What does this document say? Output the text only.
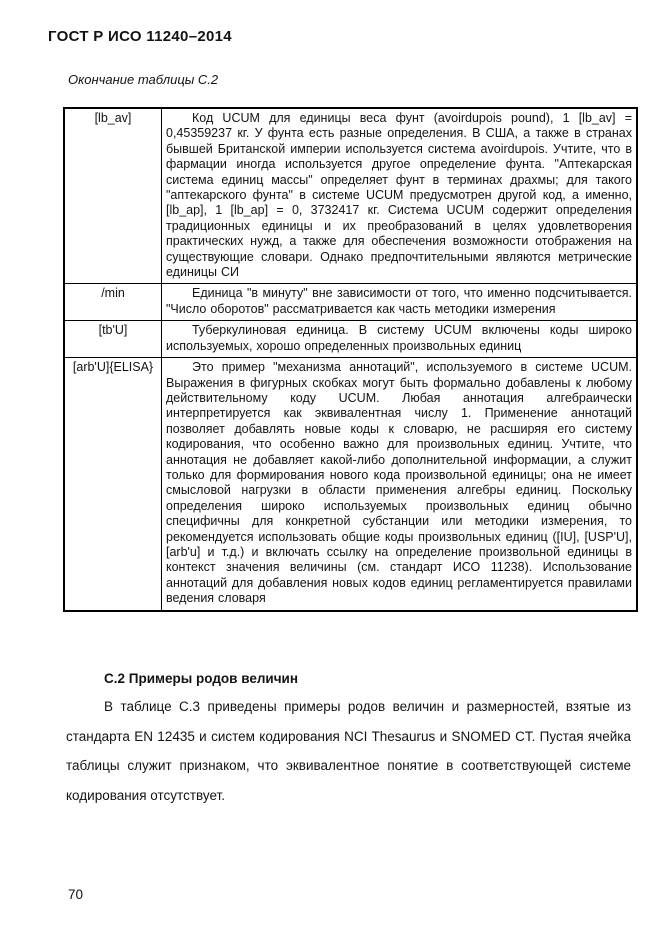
ГОСТ Р ИСО 11240–2014
Окончание таблицы С.2
[lb_av]	Код UCUM для единицы веса фунт (avoirdupois pound), 1 [lb_av] = 0,45359237 кг. У фунта есть разные определения. В США, а также в странах бывшей Британской империи используется система avoirdupois. Учтите, что в фармации иногда используется другое определение фунта. "Аптекарская система единиц массы" определяет фунт в терминах драхмы; для такого "аптекарского фунта" в системе UCUM предусмотрен другой код, а именно, [lb_ap], 1 [lb_ap] = 0, 3732417 кг. Система UCUM содержит определения традиционных единицы и их преобразований в целях удовлетворения практических нужд, а также для обеспечения возможности отображения на существующие словари. Однако предпочтительными являются метрические единицы СИ
/min	Единица "в минуту" вне зависимости от того, что именно подсчитывается. "Число оборотов" рассматривается как часть методики измерения
[tb'U]	Туберкулиновая единица. В систему UCUM включены коды широко используемых, хорошо определенных произвольных единиц
[arb'U]{ELISA}	Это пример "механизма аннотаций", используемого в системе UCUM. Выражения в фигурных скобках могут быть формально добавлены к любому действительному коду UCUM. Любая аннотация алгебраически интерпретируется как эквивалентная числу 1. Применение аннотаций позволяет добавлять новые коды к словарю, не расширяя его систему кодирования, что особенно важно для произвольных единиц. Учтите, что аннотация не добавляет какой-либо дополнительной информации, а служит только для формирования нового кода произвольной единицы; она не имеет смысловой нагрузки в области применения алгебры единиц. Поскольку определения широко используемых произвольных единиц обычно специфичны для конкретной субстанции или методики измерения, то рекомендуется использовать общие коды произвольных единиц ([IU], [USP'U], [arb'u] и т.д.) и включать ссылку на определение произвольной единицы в контекст значения величины (см. стандарт ИСО 11238). Использование аннотаций для добавления новых кодов единиц регламентируется правилами ведения словаря
С.2 Примеры родов величин
В таблице С.3 приведены примеры родов величин и размерностей, взятые из стандарта EN 12435 и систем кодирования NCI Thesaurus и SNOMED CT. Пустая ячейка таблицы служит признаком, что эквивалентное понятие в соответствующей системе кодирования отсутствует.
70
